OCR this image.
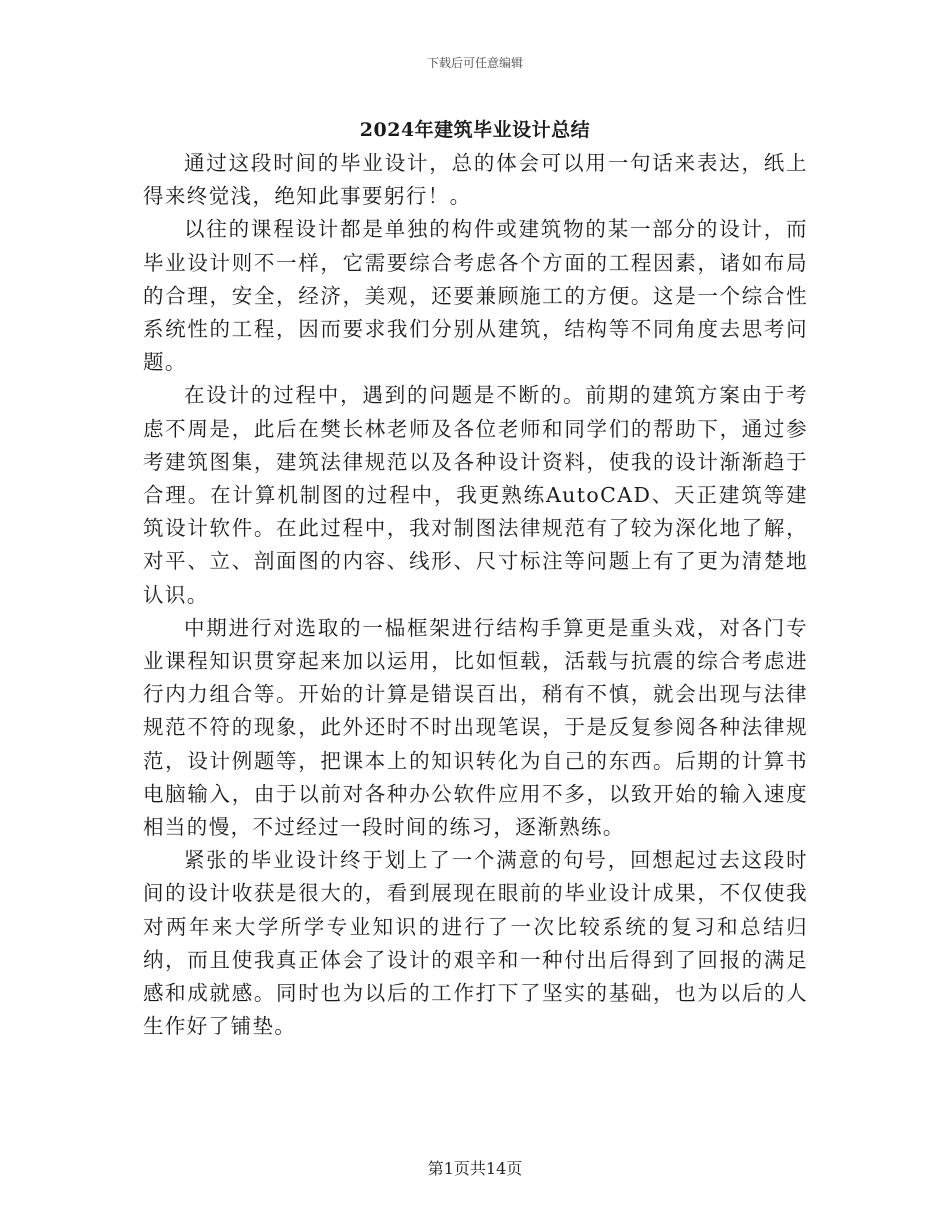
下载后可任意编辑
2024年建筑毕业设计总结

通过这段时间的毕业设计，总的体会可以用一句话来表达，纸上得来终觉浅，绝知此事要躬行！。

以往的课程设计都是单独的构件或建筑物的某一部分的设计，而毕业设计则不一样，它需要综合考虑各个方面的工程因素，诸如布局的合理，安全，经济，美观，还要兼顾施工的方便。这是一个综合性系统性的工程，因而要求我们分别从建筑，结构等不同角度去思考问题。

在设计的过程中，遇到的问题是不断的。前期的建筑方案由于考虑不周是，此后在樊长林老师及各位老师和同学们的帮助下，通过参考建筑图集，建筑法律规范以及各种设计资料，使我的设计渐渐趋于合理。在计算机制图的过程中，我更熟练AutoCAD、天正建筑等建筑设计软件。在此过程中，我对制图法律规范有了较为深化地了解，对平、立、剖面图的内容、线形、尺寸标注等问题上有了更为清楚地认识。

中期进行对选取的一榀框架进行结构手算更是重头戏，对各门专业课程知识贯穿起来加以运用，比如恒载，活载与抗震的综合考虑进行内力组合等。开始的计算是错误百出，稍有不慎，就会出现与法律规范不符的现象，此外还时不时出现笔误，于是反复参阅各种法律规范，设计例题等，把课本上的知识转化为自己的东西。后期的计算书电脑输入，由于以前对各种办公软件应用不多，以致开始的输入速度相当的慢，不过经过一段时间的练习，逐渐熟练。

紧张的毕业设计终于划上了一个满意的句号，回想起过去这段时间的设计收获是很大的，看到展现在眼前的毕业设计成果，不仅使我对两年来大学所学专业知识的进行了一次比较系统的复习和总结归纳，而且使我真正体会了设计的艰辛和一种付出后得到了回报的满足感和成就感。同时也为以后的工作打下了坚实的基础，也为以后的人生作好了铺垫。

第1页共14页
